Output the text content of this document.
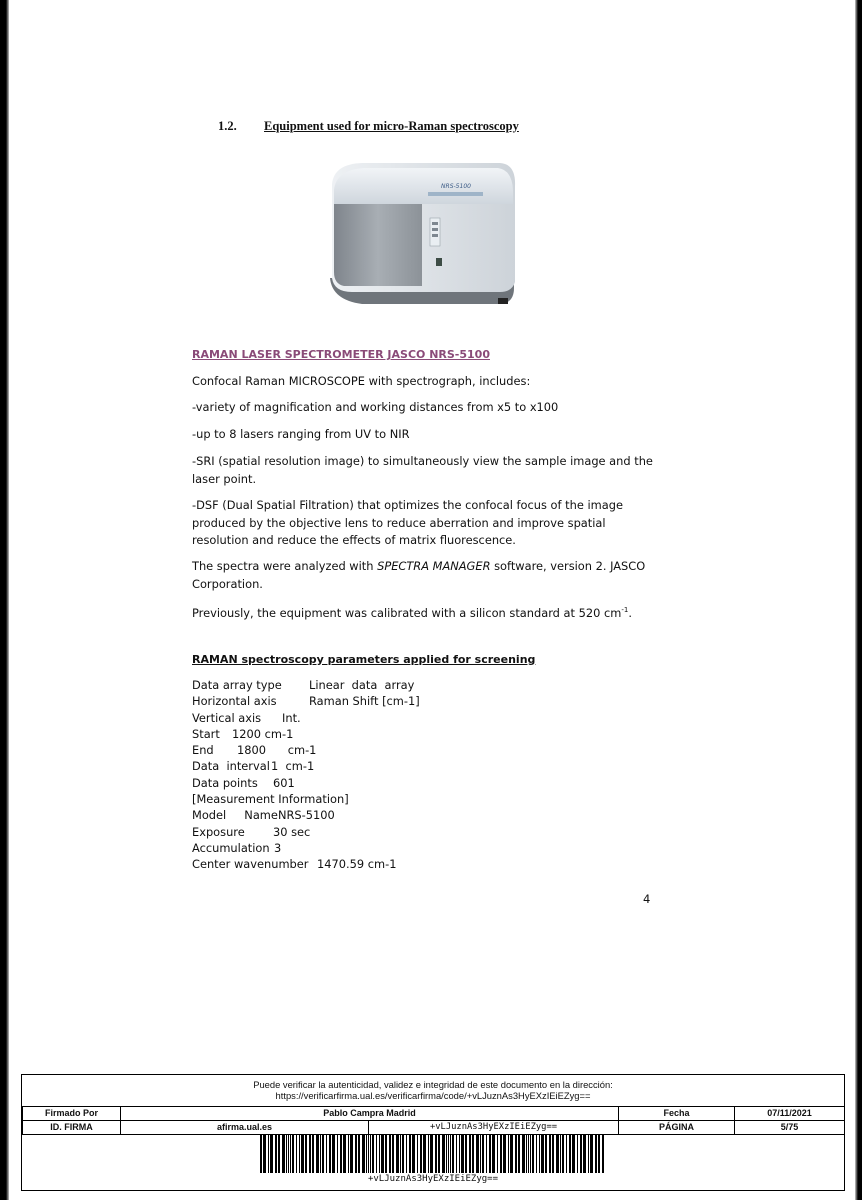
1.2. Equipment used for micro-Raman spectroscopy
NRS-5100
RAMAN LASER SPECTROMETER JASCO NRS-5100
Confocal Raman MICROSCOPE with spectrograph, includes:
-variety of magnification and working distances from x5 to x100
-up to 8 lasers ranging from UV to NIR
-SRI (spatial resolution image) to simultaneously view the sample image and the laser point.
-DSF (Dual Spatial Filtration) that optimizes the confocal focus of the image produced by the objective lens to reduce aberration and improve spatial resolution and reduce the effects of matrix fluorescence.
The spectra were analyzed with SPECTRA MANAGER software, version 2. JASCO Corporation.
Previously, the equipment was calibrated with a silicon standard at 520 $cm^{-1}$.
RAMAN spectroscopy parameters applied for screening
Data array type Linear  data  array
Horizontal axis	Raman Shift [cm-1]
Vertical axis Int.
Start 1200 cm-1
End 1800      cm-1
Data  interval1  cm-1
Data points 601
[Measurement Information]
Model     NameNRS-5100
Exposure 30 sec
Accumulation 3
Center wavenumber 1470.59 cm-1
4
Puede verificar la autenticidad, validez e integridad de este documento en la dirección:
https://verificarfirma.ual.es/verificarfirma/code/+vLJuznAs3HyEXzIEiEZyg==
Firmado Por	Pablo Campra Madrid		Fecha	07/11/2021
ID. FIRMA	afirma.ual.es	+vLJuznAs3HyEXzIEiEZyg==	PÁGINA	5/75
+vLJuznAs3HyEXzIEiEZyg==
